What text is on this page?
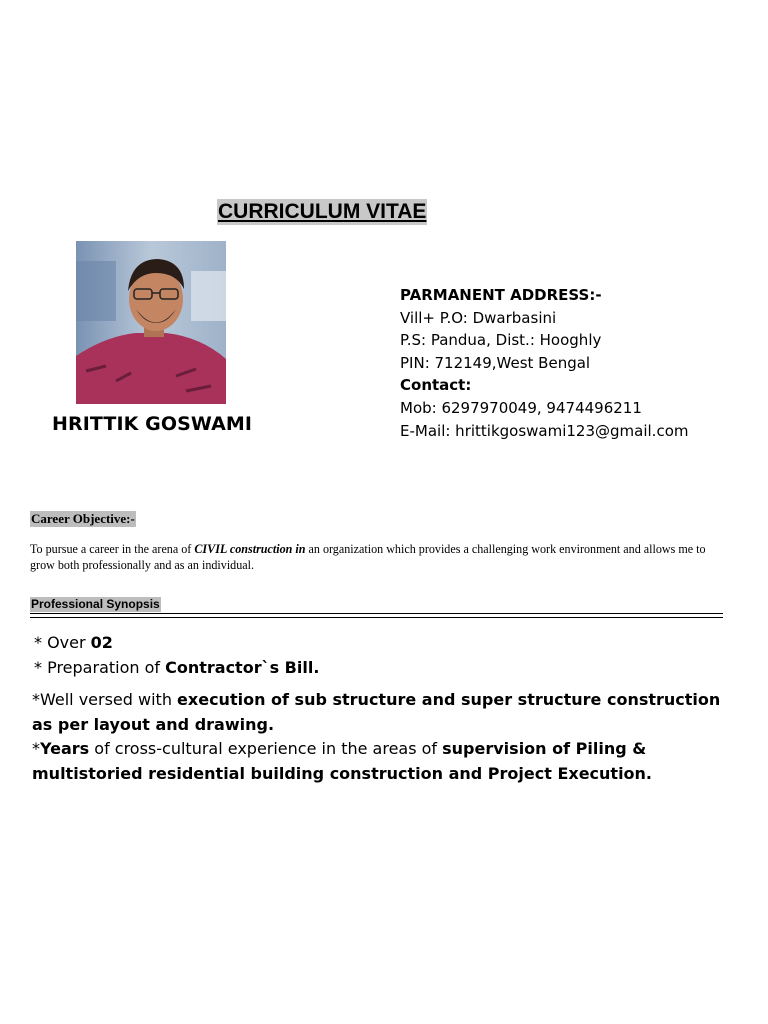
CURRICULUM VITAE
HRITTIK GOSWAMI
PARMANENT ADDRESS:-
Vill+ P.O: Dwarbasini
P.S: Pandua, Dist.: Hooghly
PIN: 712149,West Bengal
Contact:
Mob: 6297970049, 9474496211
E-Mail: hrittikgoswami123@gmail.com
Career Objective:-
To pursue a career in the arena of CIVIL construction in an organization which provides a challenging work environment and allows me to grow both professionally and as an individual.
Professional Synopsis
* Over 02
* Preparation of Contractor`s Bill.
*Well versed with execution of sub structure and super structure construction as per layout and drawing.
*Years of cross-cultural experience in the areas of supervision of Piling & multistoried residential building construction and Project Execution.
